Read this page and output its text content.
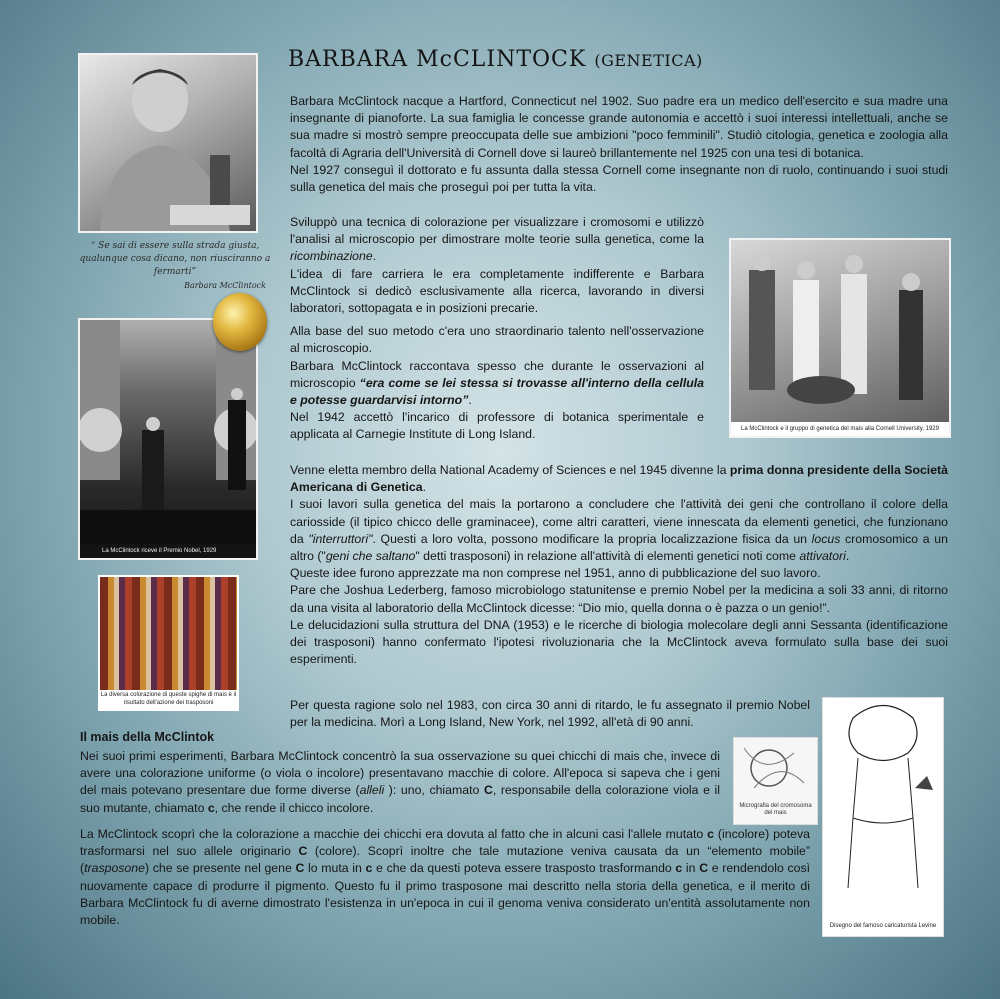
BARBARA McCLINTOCK (GENETICA)
“ Se sai di essere sulla strada giusta, qualunque cosa dicano, non riusciranno a fermarti”
Barbara McClintock
La McClintock riceve il Premio Nobel, 1929
La diversa colorazione di queste spighe di mais è il risultato dell'azione dei trasposoni
La McClintock e il gruppo di genetica del mais alla Cornell University, 1929
Micrografia del cromosoma del mais
Disegno del famoso caricaturista Levine

Barbara McClintock nacque a Hartford, Connecticut nel 1902. Suo padre era un medico dell'esercito e sua madre una insegnante di pianoforte. La sua famiglia le concesse grande autonomia e accettò i suoi interessi intellettuali, anche se sua madre si mostrò sempre preoccupata delle sue ambizioni "poco femminili". Studiò citologia, genetica e zoologia alla facoltà di Agraria dell'Università di Cornell dove si laureò brillantemente nel 1925 con una tesi di botanica.

Nel 1927 conseguì il dottorato e fu assunta dalla stessa Cornell come insegnante non di ruolo, continuando i suoi studi sulla genetica del mais che proseguì poi per tutta la vita.

Sviluppò una tecnica di colorazione per visualizzare i cromosomi e utilizzò l'analisi al microscopio per dimostrare molte teorie sulla genetica, come la ricombinazione.

L'idea di fare carriera le era completamente indifferente e Barbara McClintock si dedicò esclusivamente alla ricerca, lavorando in diversi laboratori, sottopagata e in posizioni precarie.

Alla base del suo metodo c'era uno straordinario talento nell'osservazione al microscopio.

Barbara McClintock raccontava spesso che durante le osservazioni al microscopio “era come se lei stessa si trovasse all'interno della cellula e potesse guardarvisi intorno”.

Nel 1942 accettò l'incarico di professore di botanica sperimentale e applicata al Carnegie Institute di Long Island.

Venne eletta membro della National Academy of Sciences e nel 1945 divenne la prima donna presidente della Società Americana di Genetica.

I suoi lavori sulla genetica del mais la portarono a concludere che l'attività dei geni che controllano il colore della cariosside (il tipico chicco delle graminacee), come altri caratteri, viene innescata da elementi genetici, che funzionano da "interruttori". Questi a loro volta, possono modificare la propria localizzazione fisica da un locus cromosomico a un altro ("geni che saltano" detti trasposoni) in relazione all'attività di elementi genetici noti come attivatori.

Queste idee furono apprezzate ma non comprese nel 1951, anno di pubblicazione del suo lavoro.

Pare che Joshua Lederberg, famoso microbiologo statunitense e premio Nobel per la medicina a soli 33 anni, di ritorno da una visita al laboratorio della McClintock dicesse: “Dio mio, quella donna o è pazza o un genio!”.

Le delucidazioni sulla struttura del DNA (1953) e le ricerche di biologia molecolare degli anni Sessanta (identificazione dei trasposoni) hanno confermato l'ipotesi rivoluzionaria che la McClintock aveva formulato sulla base dei suoi esperimenti.

Per questa ragione solo nel 1983, con circa 30 anni di ritardo, le fu assegnato il premio Nobel per la medicina. Morì a Long Island, New York, nel 1992, all'età di 90 anni.

Il mais della McClintok

Nei suoi primi esperimenti, Barbara McClintock concentrò la sua osservazione su quei chicchi di mais che, invece di avere una colorazione uniforme (o viola o incolore) presentavano macchie di colore. All'epoca si sapeva che i geni del mais potevano presentare due forme diverse (alleli ): uno, chiamato C, responsabile della colorazione viola e il suo mutante, chiamato c, che rende il chicco incolore.

La McClintock scoprì che la colorazione a macchie dei chicchi era dovuta al fatto che in alcuni casi l'allele mutato c (incolore) poteva trasformarsi nel suo allele originario C (colore). Scoprì inoltre che tale mutazione veniva causata da un “elemento mobile” (trasposone) che se presente nel gene C lo muta in c e che da questi poteva essere trasposto trasformando c in C e rendendolo così nuovamente capace di produrre il pigmento. Questo fu il primo trasposone mai descritto nella storia della genetica, e il merito di Barbara McClintock fu di averne dimostrato l'esistenza in un'epoca in cui il genoma veniva considerato un'entità assolutamente non mobile.
